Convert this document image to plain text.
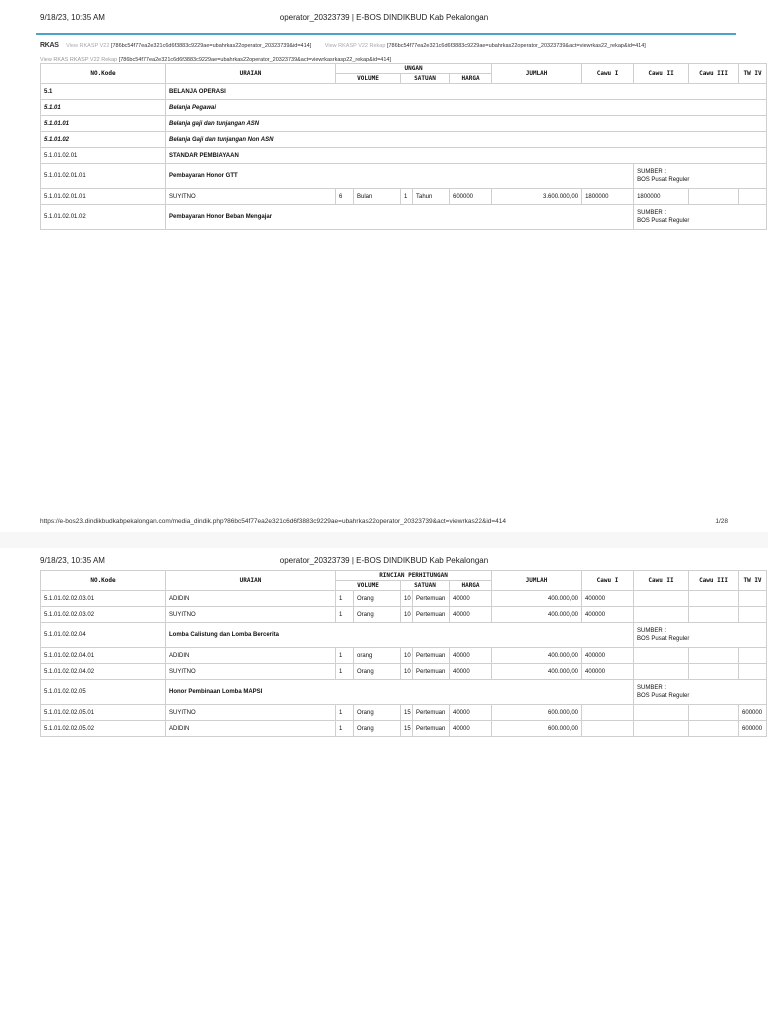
9/18/23, 10:35 AM	operator_20323739 | E-BOS DINDIKBUD Kab Pekalongan
RKAS View RKASP V22 [786bc54f77ea2e321c6d6f3883c9229ae=ubahrkas22operator_20323739&id=414] View RKASP V22 Rekap [786bc54f77ea2e321c6d6f3883c9229ae=ubahrkas22operator_20323739&act=viewrkas22_rekap&id=414]
View RKAS RKASP V22 Rekap [786bc54f77ea2e321c6d6f3883c9229ae=ubahrkas22operator_20323739&act=viewrkasrkasp22_rekap&id=414]
NO.Kode	URAIAN	UNGAN					JUMLAH	Cawu I	Cawu II	Cawu III	TW IV
		VOLUME		SATUAN		HARGA					
5.1	BELANJA OPERASI										
5.1.01	Belanja Pegawai										
5.1.01.01	Belanja gaji dan tunjangan ASN										
5.1.01.02	Belanja Gaji dan tunjangan Non ASN										
5.1.01.02.01	STANDAR PEMBIAYAAN										
5.1.01.02.01.01	Pembayaran Honor GTT								SUMBER :
BOS Pusat Reguler		

5.1.01.02.01.01	SUYITNO	6	Bulan	1	Tahun	600000	3.600.000,00	1800000	1800000		
5.1.01.02.01.02	Pembayaran Honor Beban Mengajar								SUMBER :
BOS Pusat Reguler		
https://e-bos23.dindikbudkabpekalongan.com/media_dindik.php?86bc54f77ea2e321c6d6f3883c9229ae=ubahrkas22operator_20323739&act=viewrkas22&id=414	1/28
9/18/23, 10:35 AM	operator_20323739 | E-BOS DINDIKBUD Kab Pekalongan
NO.Kode	URAIAN	RINCIAN PERHITUNGAN					JUMLAH	Cawu I	Cawu II	Cawu III	TW IV
		VOLUME		SATUAN		HARGA					
5.1.01.02.02.03.01	ADIDIN	1	Orang	10	Pertemuan	40000	400.000,00	400000			
5.1.01.02.02.03.02	SUYITNO	1	Orang	10	Pertemuan	40000	400.000,00	400000			
5.1.01.02.02.04	Lomba Calistung dan Lomba Bercerita								SUMBER :
BOS Pusat Reguler		

5.1.01.02.02.04.01	ADIDIN	1	orang	10	Pertemuan	40000	400.000,00	400000			
5.1.01.02.02.04.02	SUYITNO	1	Orang	10	Pertemuan	40000	400.000,00	400000			
5.1.01.02.02.05	Honor Pembinaan Lomba MAPSI								SUMBER :
BOS Pusat Reguler		

5.1.01.02.02.05.01	SUYITNO	1	Orang	15	Pertemuan	40000	600.000,00				600000
5.1.01.02.02.05.02	ADIDIN	1	Orang	15	Pertemuan	40000	600.000,00				600000
